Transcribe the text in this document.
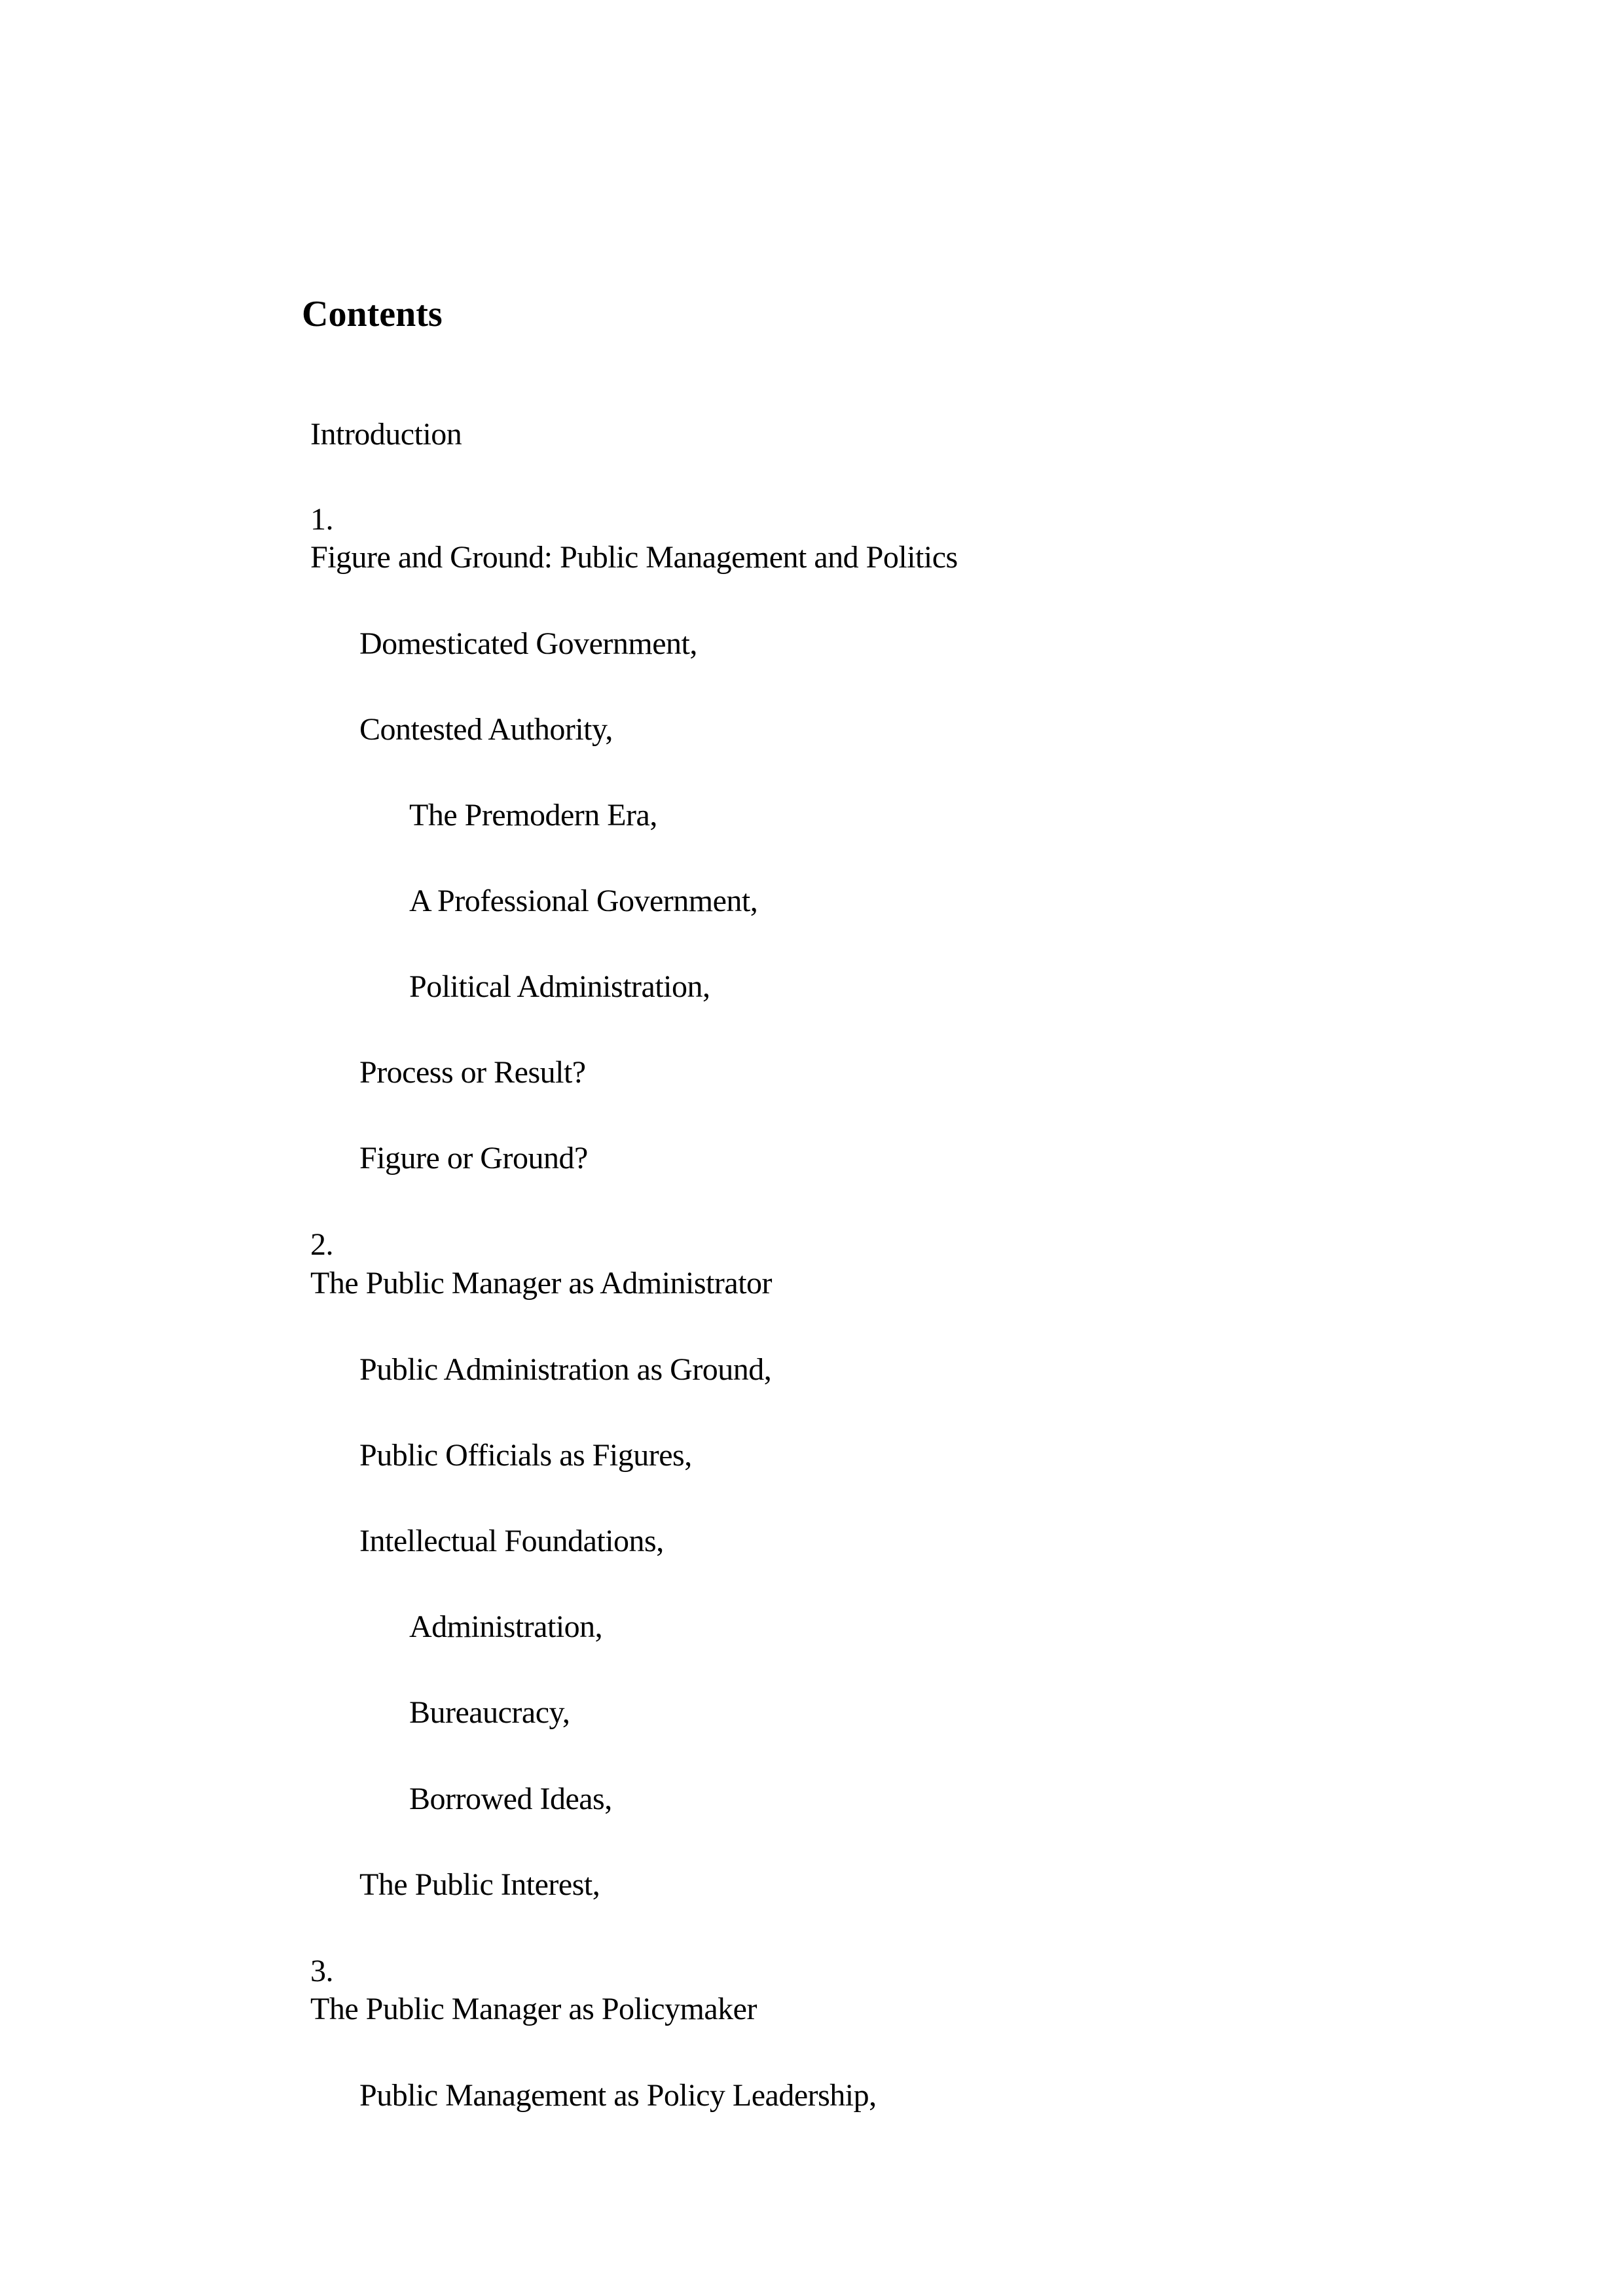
Contents

Introduction

1.

Figure and Ground: Public Management and Politics

Domesticated Government,

Contested Authority,

The Premodern Era,

A Professional Government,

Political Administration,

Process or Result?

Figure or Ground?

2.

The Public Manager as Administrator

Public Administration as Ground,

Public Officials as Figures,

Intellectual Foundations,

Administration,

Bureaucracy,

Borrowed Ideas,

The Public Interest,

3.

The Public Manager as Policymaker

Public Management as Policy Leadership,
